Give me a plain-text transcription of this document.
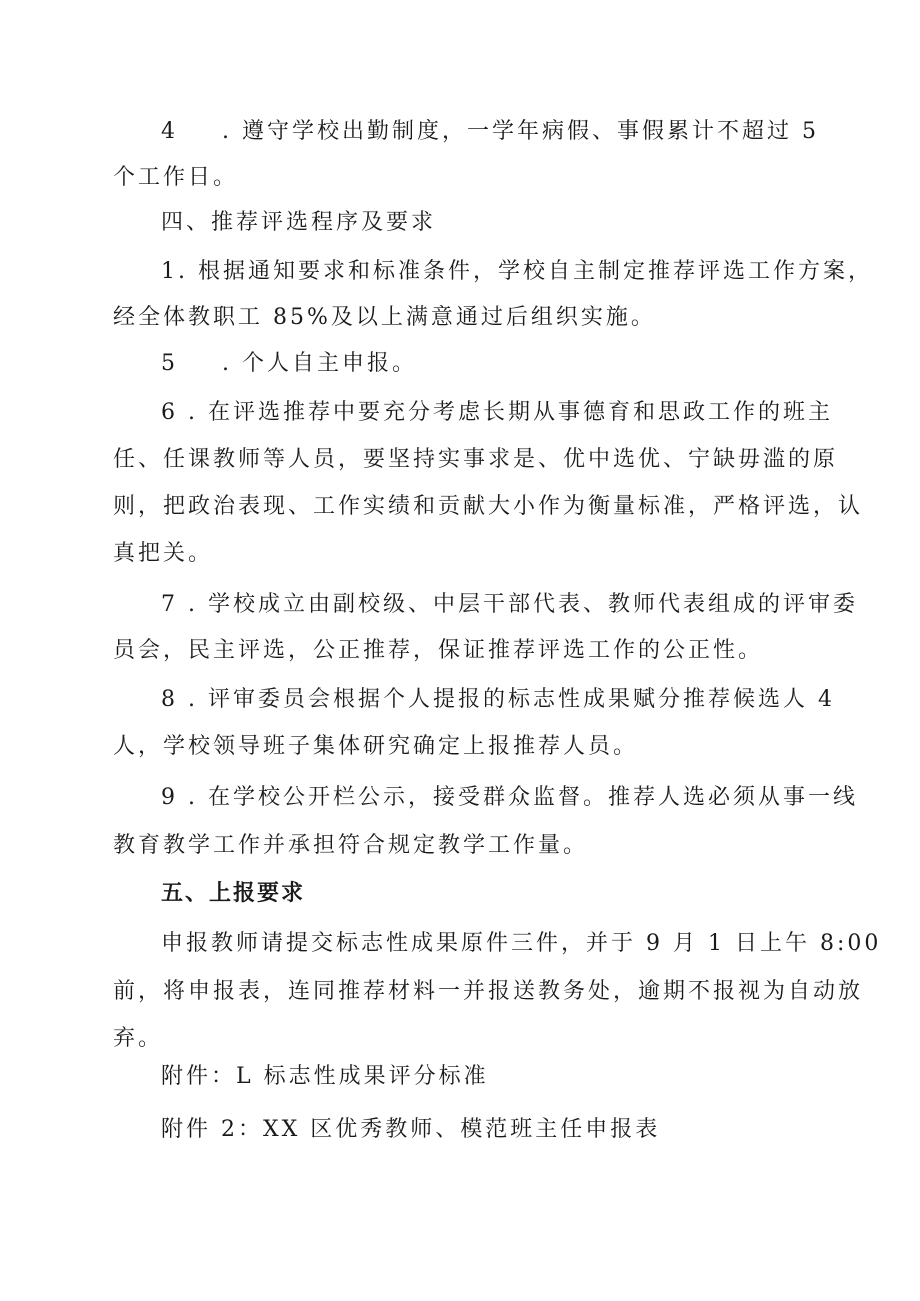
4 . 遵守学校出勤制度，一学年病假、事假累计不超过 5
个工作日。
四、推荐评选程序及要求
1. 根据通知要求和标准条件，学校自主制定推荐评选工作方案，
经全体教职工 85%及以上满意通过后组织实施。
5 . 个人自主申报。
6 . 在评选推荐中要充分考虑长期从事德育和思政工作的班主
任、任课教师等人员，要坚持实事求是、优中选优、宁缺毋滥的原
则，把政治表现、工作实绩和贡献大小作为衡量标准，严格评选，认
真把关。
7 . 学校成立由副校级、中层干部代表、教师代表组成的评审委
员会，民主评选，公正推荐，保证推荐评选工作的公正性。
8 . 评审委员会根据个人提报的标志性成果赋分推荐候选人 4
人，学校领导班子集体研究确定上报推荐人员。
9 . 在学校公开栏公示，接受群众监督。推荐人选必须从事一线
教育教学工作并承担符合规定教学工作量。
五、上报要求
申报教师请提交标志性成果原件三件，并于 9 月 1 日上午 8:00
前，将申报表，连同推荐材料一并报送教务处，逾期不报视为自动放
弃。
附件：L 标志性成果评分标准
附件 2：XX 区优秀教师、模范班主任申报表
